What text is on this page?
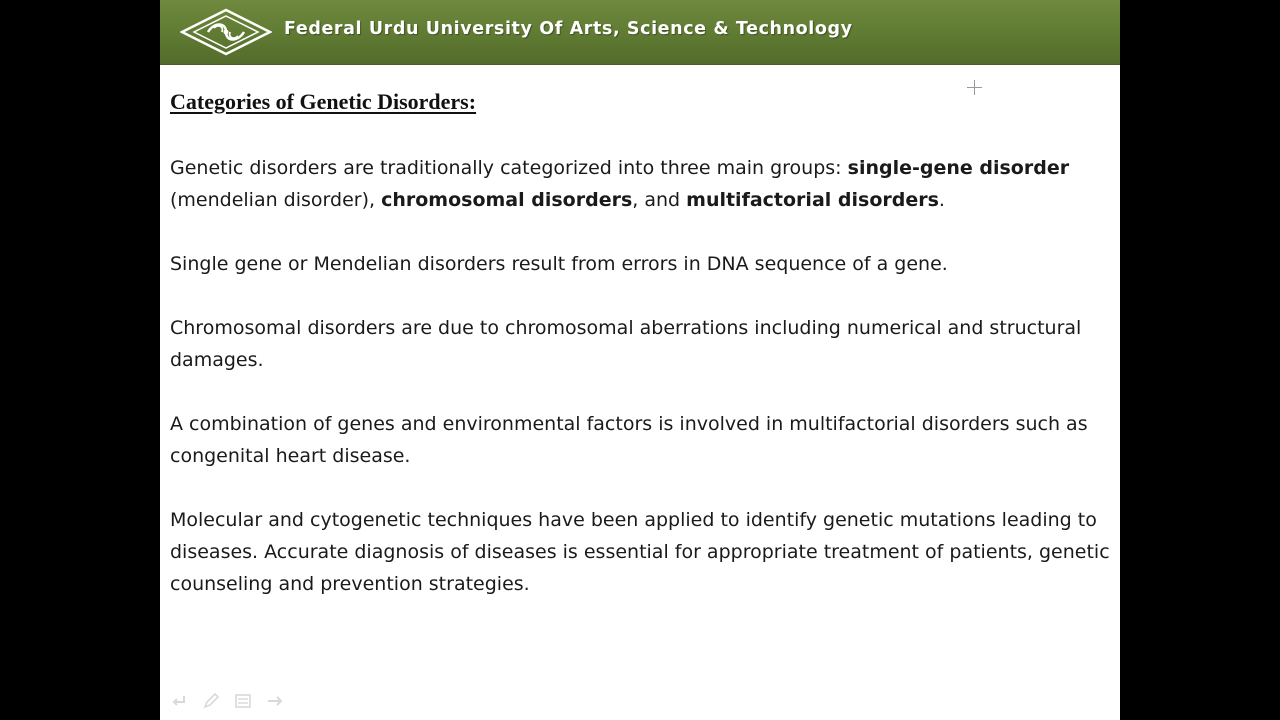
Federal Urdu University Of Arts, Science & Technology
Categories of Genetic Disorders:

Genetic disorders are traditionally categorized into three main groups: single-gene disorder (mendelian disorder), chromosomal disorders, and multifactorial disorders.

Single gene or Mendelian disorders result from errors in DNA sequence of a gene.

Chromosomal disorders are due to chromosomal aberrations including numerical and structural damages.

A combination of genes and environmental factors is involved in multifactorial disorders such as congenital heart disease.

Molecular and cytogenetic techniques have been applied to identify genetic mutations leading to diseases. Accurate diagnosis of diseases is essential for appropriate treatment of patients, genetic counseling and prevention strategies.
